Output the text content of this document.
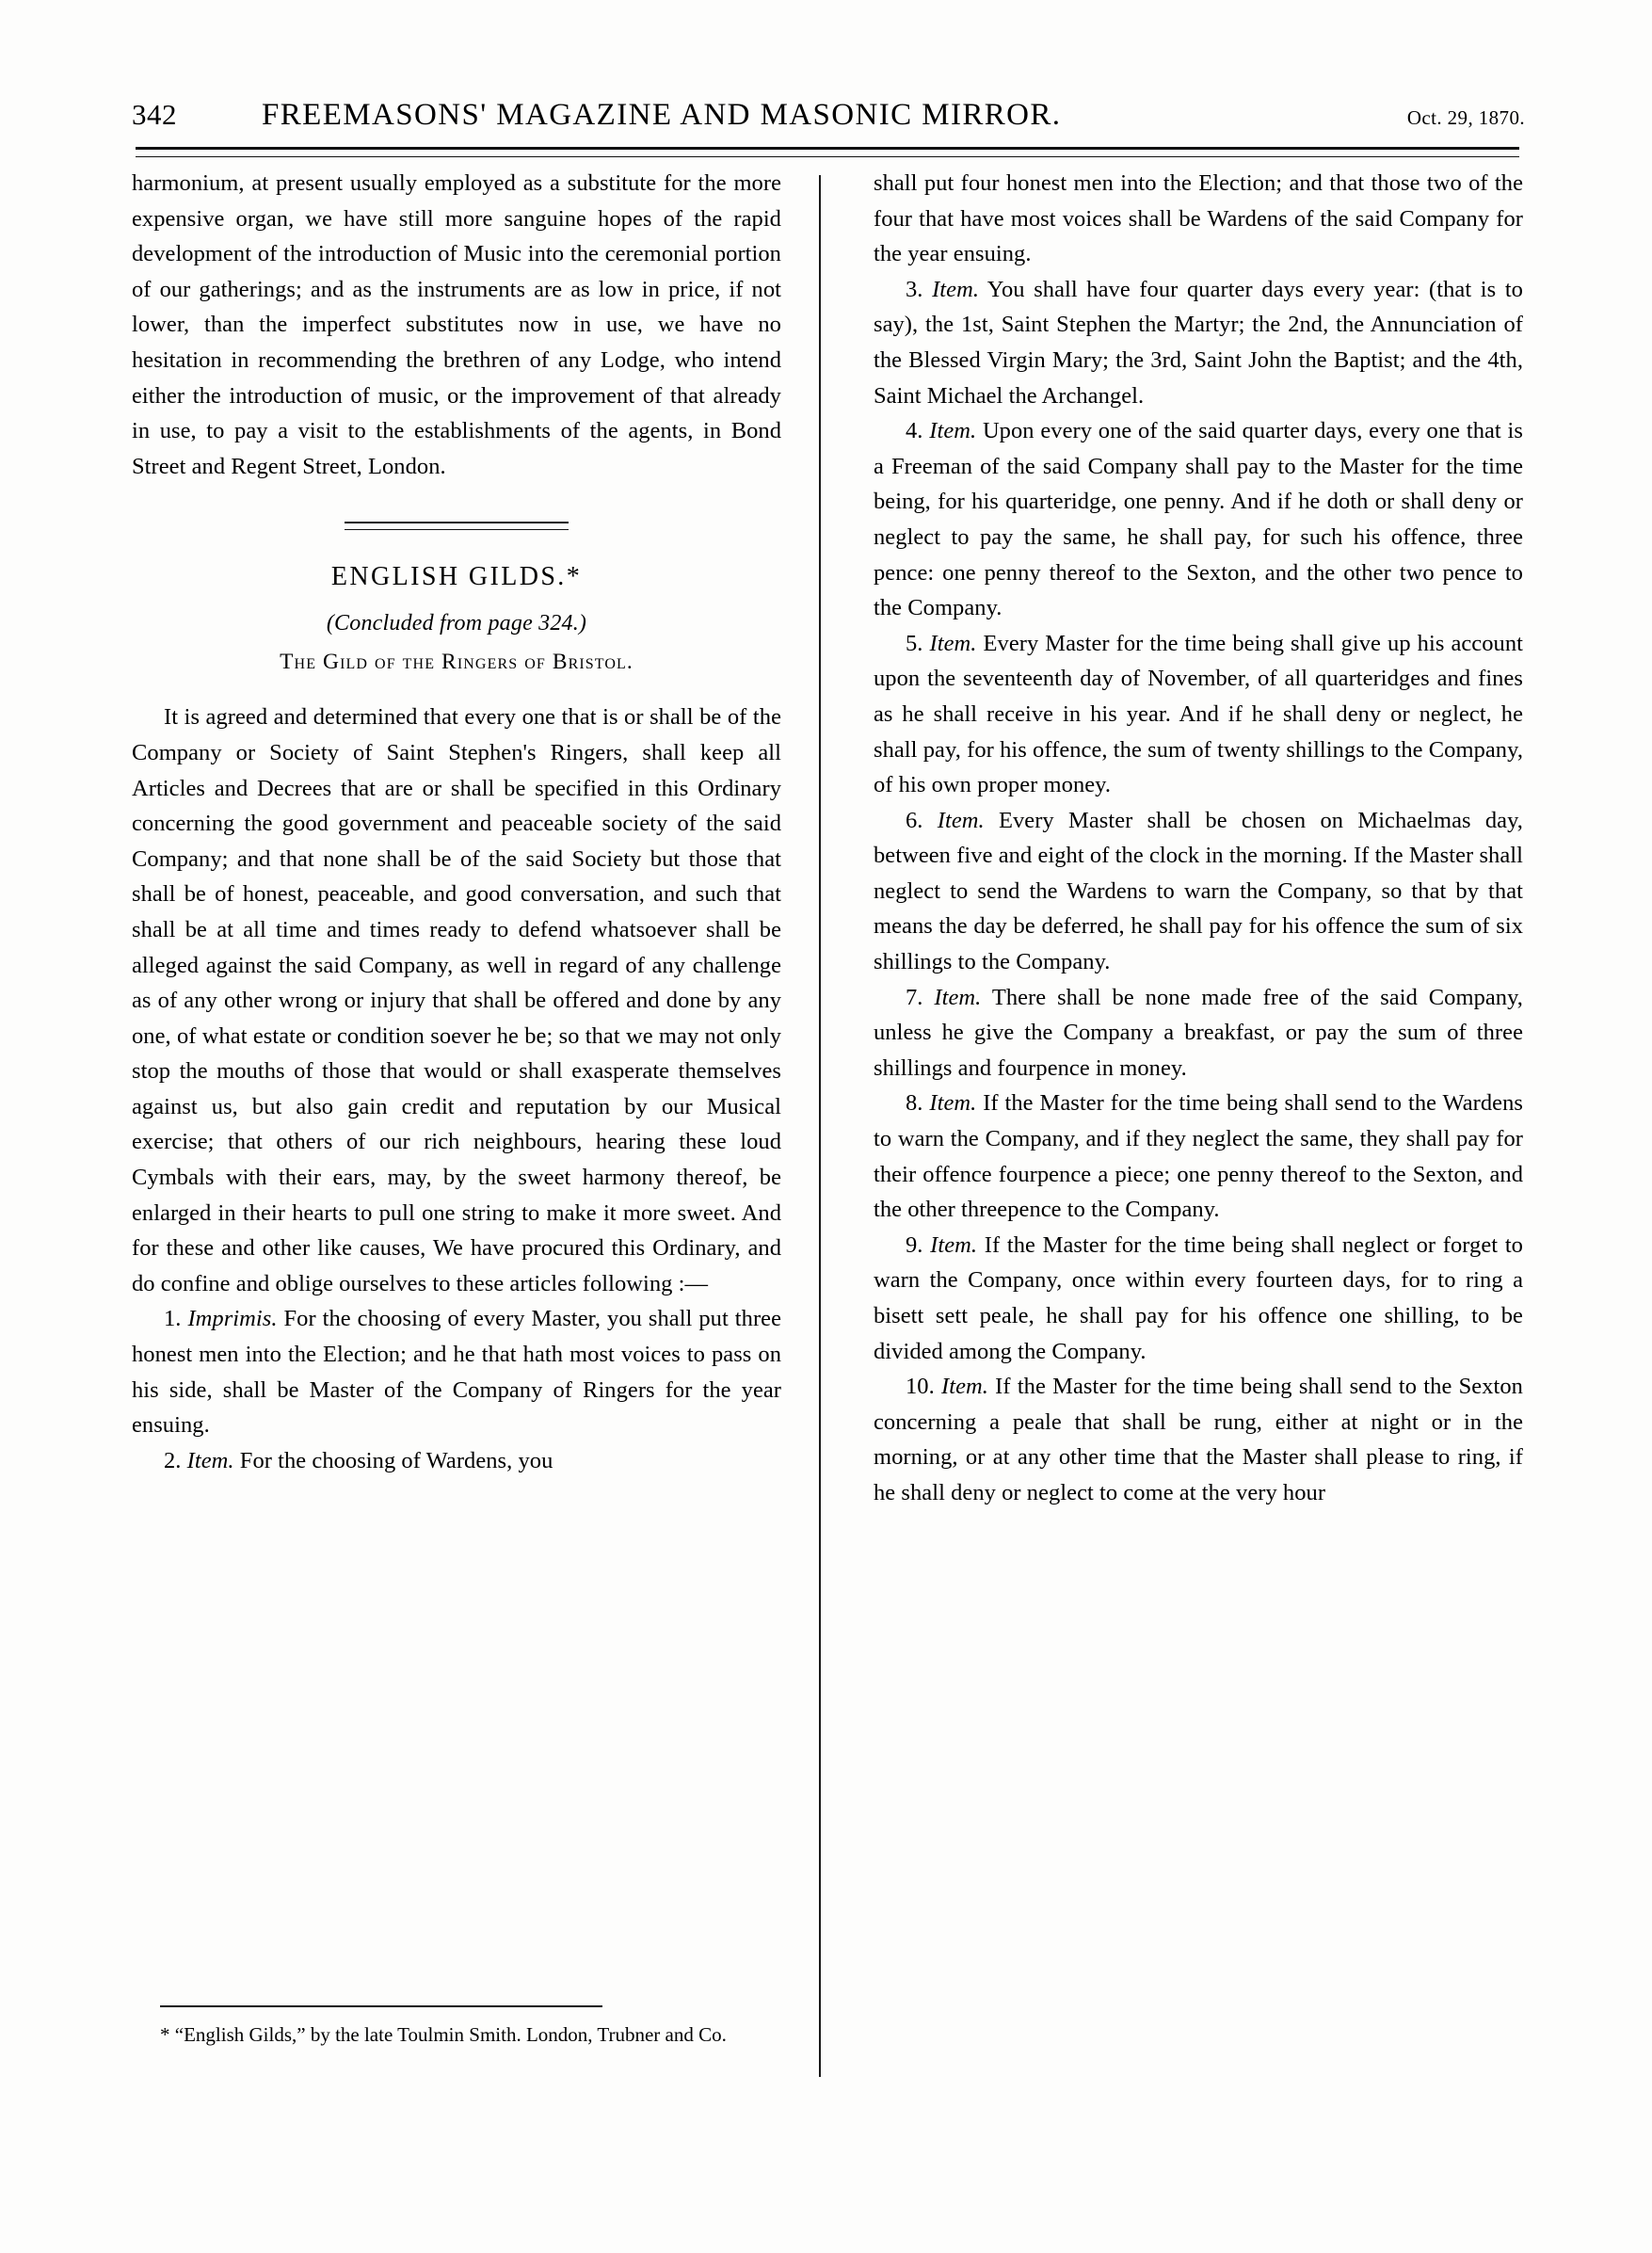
342	FREEMASONS' MAGAZINE AND MASONIC MIRROR.	Oct. 29, 1870.

harmonium, at present usually employed as a substitute for the more expensive organ, we have still more sanguine hopes of the rapid development of the introduction of Music into the ceremonial portion of our gatherings; and as the instruments are as low in price, if not lower, than the imperfect substitutes now in use, we have no hesitation in recommending the brethren of any Lodge, who intend either the introduction of music, or the improvement of that already in use, to pay a visit to the establishments of the agents, in Bond Street and Regent Street, London.

ENGLISH GILDS.*
(Concluded from page 324.)
The Gild of the Ringers of Bristol.

It is agreed and determined that every one that is or shall be of the Company or Society of Saint Stephen's Ringers, shall keep all Articles and Decrees that are or shall be specified in this Ordinary concerning the good government and peaceable society of the said Company; and that none shall be of the said Society but those that shall be of honest, peaceable, and good conversation, and such that shall be at all time and times ready to defend whatsoever shall be alleged against the said Company, as well in regard of any challenge as of any other wrong or injury that shall be offered and done by any one, of what estate or condition soever he be; so that we may not only stop the mouths of those that would or shall exasperate themselves against us, but also gain credit and reputation by our Musical exercise; that others of our rich neighbours, hearing these loud Cymbals with their ears, may, by the sweet harmony thereof, be enlarged in their hearts to pull one string to make it more sweet. And for these and other like causes, We have procured this Ordinary, and do confine and oblige ourselves to these articles following :—

1. Imprimis. For the choosing of every Master, you shall put three honest men into the Election; and he that hath most voices to pass on his side, shall be Master of the Company of Ringers for the year ensuing.

2. Item. For the choosing of Wardens, you

shall put four honest men into the Election; and that those two of the four that have most voices shall be Wardens of the said Company for the year ensuing.

3. Item. You shall have four quarter days every year: (that is to say), the 1st, Saint Stephen the Martyr; the 2nd, the Annunciation of the Blessed Virgin Mary; the 3rd, Saint John the Baptist; and the 4th, Saint Michael the Archangel.

4. Item. Upon every one of the said quarter days, every one that is a Freeman of the said Company shall pay to the Master for the time being, for his quarteridge, one penny. And if he doth or shall deny or neglect to pay the same, he shall pay, for such his offence, three pence: one penny thereof to the Sexton, and the other two pence to the Company.

5. Item. Every Master for the time being shall give up his account upon the seventeenth day of November, of all quarteridges and fines as he shall receive in his year. And if he shall deny or neglect, he shall pay, for his offence, the sum of twenty shillings to the Company, of his own proper money.

6. Item. Every Master shall be chosen on Michaelmas day, between five and eight of the clock in the morning. If the Master shall neglect to send the Wardens to warn the Company, so that by that means the day be deferred, he shall pay for his offence the sum of six shillings to the Company.

7. Item. There shall be none made free of the said Company, unless he give the Company a breakfast, or pay the sum of three shillings and fourpence in money.

8. Item. If the Master for the time being shall send to the Wardens to warn the Company, and if they neglect the same, they shall pay for their offence fourpence a piece; one penny thereof to the Sexton, and the other threepence to the Company.

9. Item. If the Master for the time being shall neglect or forget to warn the Company, once within every fourteen days, for to ring a bisett sett peale, he shall pay for his offence one shilling, to be divided among the Company.

10. Item. If the Master for the time being shall send to the Sexton concerning a peale that shall be rung, either at night or in the morning, or at any other time that the Master shall please to ring, if he shall deny or neglect to come at the very hour

* “English Gilds,” by the late Toulmin Smith. London, Trubner and Co.
